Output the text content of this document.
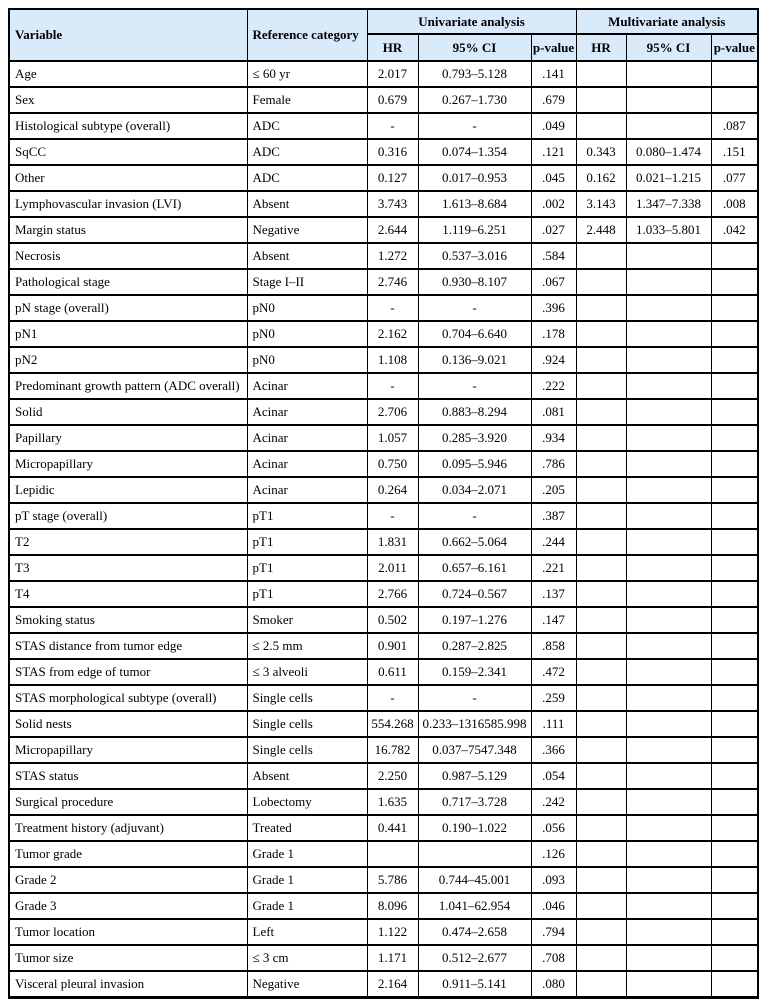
Variable	Reference category	Univariate analysis			Multivariate analysis		
		HR	95% CI	p-value	HR	95% CI	p-value
Age	≤ 60 yr	2.017	0.793–5.128	.141			
Sex	Female	0.679	0.267–1.730	.679			
Histological subtype (overall)	ADC	-	-	.049			.087
SqCC	ADC	0.316	0.074–1.354	.121	0.343	0.080–1.474	.151
Other	ADC	0.127	0.017–0.953	.045	0.162	0.021–1.215	.077
Lymphovascular invasion (LVI)	Absent	3.743	1.613–8.684	.002	3.143	1.347–7.338	.008
Margin status	Negative	2.644	1.119–6.251	.027	2.448	1.033–5.801	.042
Necrosis	Absent	1.272	0.537–3.016	.584			
Pathological stage	Stage I–II	2.746	0.930–8.107	.067			
pN stage (overall)	pN0	-	-	.396			
pN1	pN0	2.162	0.704–6.640	.178			
pN2	pN0	1.108	0.136–9.021	.924			
Predominant growth pattern (ADC overall)	Acinar	-	-	.222			
Solid	Acinar	2.706	0.883–8.294	.081			
Papillary	Acinar	1.057	0.285–3.920	.934			
Micropapillary	Acinar	0.750	0.095–5.946	.786			
Lepidic	Acinar	0.264	0.034–2.071	.205			
pT stage (overall)	pT1	-	-	.387			
T2	pT1	1.831	0.662–5.064	.244			
T3	pT1	2.011	0.657–6.161	.221			
T4	pT1	2.766	0.724–0.567	.137			
Smoking status	Smoker	0.502	0.197–1.276	.147			
STAS distance from tumor edge	≤ 2.5 mm	0.901	0.287–2.825	.858			
STAS from edge of tumor	≤ 3 alveoli	0.611	0.159–2.341	.472			
STAS morphological subtype (overall)	Single cells	-	-	.259			
Solid nests	Single cells	554.268	0.233–1316585.998	.111			
Micropapillary	Single cells	16.782	0.037–7547.348	.366			
STAS status	Absent	2.250	0.987–5.129	.054			
Surgical procedure	Lobectomy	1.635	0.717–3.728	.242			
Treatment history (adjuvant)	Treated	0.441	0.190–1.022	.056			
Tumor grade	Grade 1			.126			
Grade 2	Grade 1	5.786	0.744–45.001	.093			
Grade 3	Grade 1	8.096	1.041–62.954	.046			
Tumor location	Left	1.122	0.474–2.658	.794			
Tumor size	≤ 3 cm	1.171	0.512–2.677	.708			
Visceral pleural invasion	Negative	2.164	0.911–5.141	.080			
